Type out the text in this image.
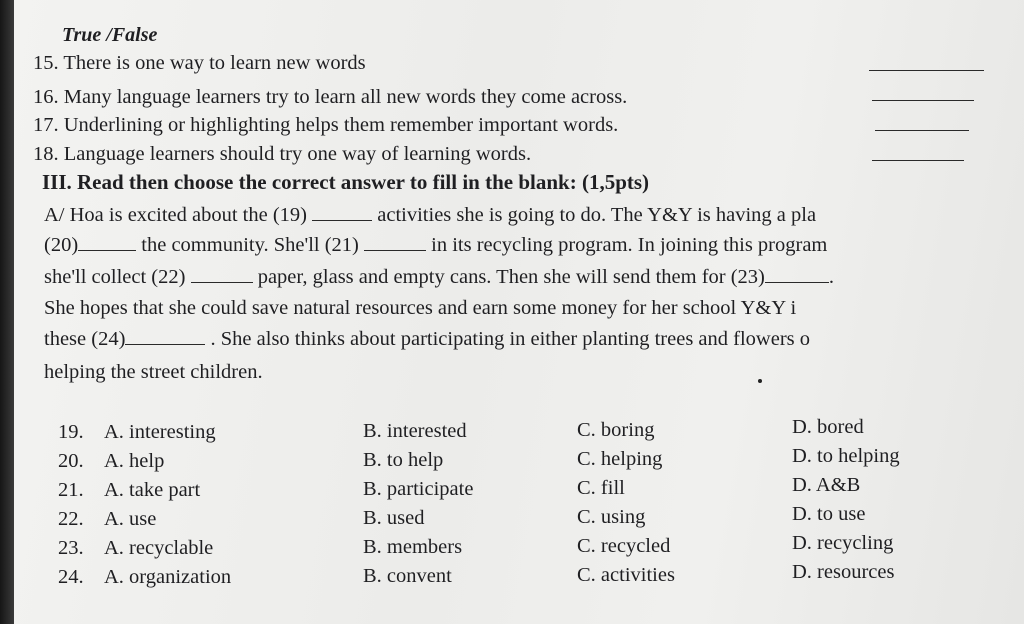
True /False
15. There is one way to learn new words
16. Many language learners try to learn all new words they come across.
17. Underlining or highlighting helps them remember important words.
18. Language learners should try one way of learning words.
III. Read then choose the correct answer to fill in the blank: (1,5pts)
A/ Hoa is excited about the (19)	activities she is going to do. The Y&Y is having a pla
(20)	the community. She'll (21)	in its recycling program. In joining this program
she'll collect (22)	paper, glass and empty cans. Then she will send them for (23)	.
She hopes that she could save natural resources and earn some money for her school Y&Y i
these (24)	. She also thinks about participating in either planting trees and flowers o
helping the street children.
19. A. interesting	B. interested	C. boring	D. bored
20. A. help	B. to help	C. helping	D. to helping
21. A. take part	B. participate	C. fill	D. A&B
22. A. use	B. used	C. using	D. to use
23. A. recyclable	B. members	C. recycled	D. recycling
24. A. organization	B. convent	C. activities	D. resources
